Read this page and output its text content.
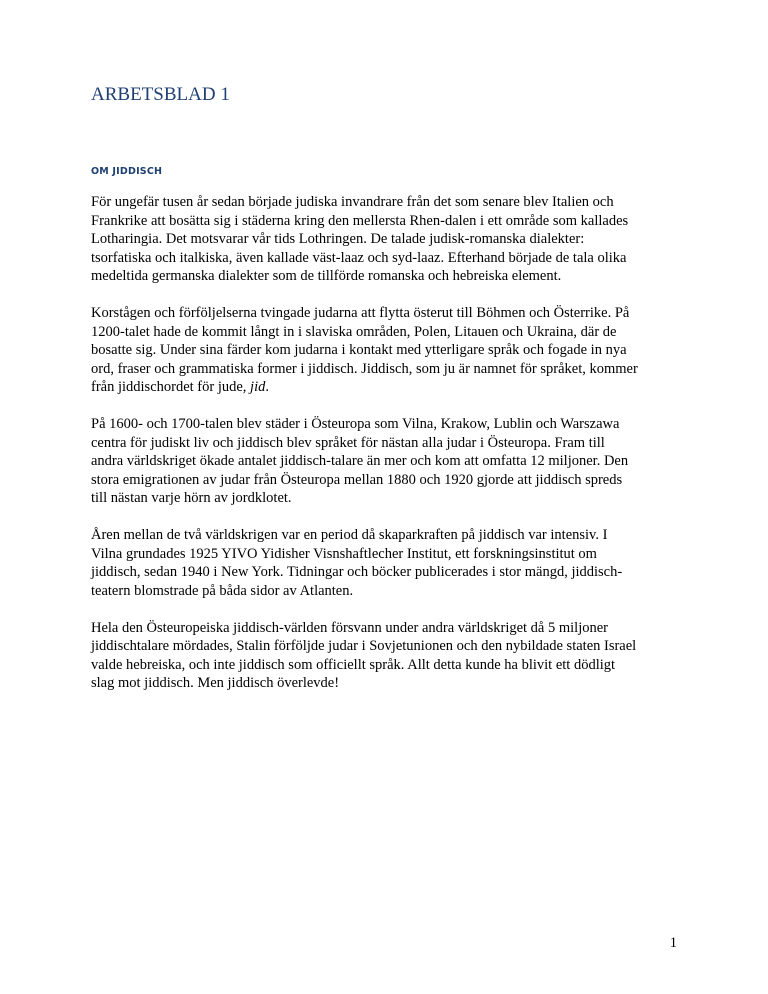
ARBETSBLAD 1
OM JIDDISCH

För ungefär tusen år sedan började judiska invandrare från det som senare blev Italien och
Frankrike att bosätta sig i städerna kring den mellersta Rhen-dalen i ett område som kallades
Lotharingia. Det motsvarar vår tids Lothringen. De talade judisk-romanska dialekter:
tsorfatiska och italkiska, även kallade väst-laaz och syd-laaz. Efterhand började de tala olika
medeltida germanska dialekter som de tillförde romanska och hebreiska element.

Korstågen och förföljelserna tvingade judarna att flytta österut till Böhmen och Österrike. På
1200-talet hade de kommit långt in i slaviska områden, Polen, Litauen och Ukraina, där de
bosatte sig. Under sina färder kom judarna i kontakt med ytterligare språk och fogade in nya
ord, fraser och grammatiska former i jiddisch. Jiddisch, som ju är namnet för språket, kommer
från jiddischordet för jude, jid.

På 1600- och 1700-talen blev städer i Östeuropa som Vilna, Krakow, Lublin och Warszawa
centra för judiskt liv och jiddisch blev språket för nästan alla judar i Östeuropa. Fram till
andra världskriget ökade antalet jiddisch-talare än mer och kom att omfatta 12 miljoner. Den
stora emigrationen av judar från Östeuropa mellan 1880 och 1920 gjorde att jiddisch spreds
till nästan varje hörn av jordklotet.

Åren mellan de två världskrigen var en period då skaparkraften på jiddisch var intensiv. I
Vilna grundades 1925 YIVO Yidisher Visnshaftlecher Institut, ett forskningsinstitut om
jiddisch, sedan 1940 i New York. Tidningar och böcker publicerades i stor mängd, jiddisch-
teatern blomstrade på båda sidor av Atlanten.

Hela den Östeuropeiska jiddisch-världen försvann under andra världskriget då 5 miljoner
jiddischtalare mördades, Stalin förföljde judar i Sovjetunionen och den nybildade staten Israel
valde hebreiska, och inte jiddisch som officiellt språk. Allt detta kunde ha blivit ett dödligt
slag mot jiddisch. Men jiddisch överlevde!

1
